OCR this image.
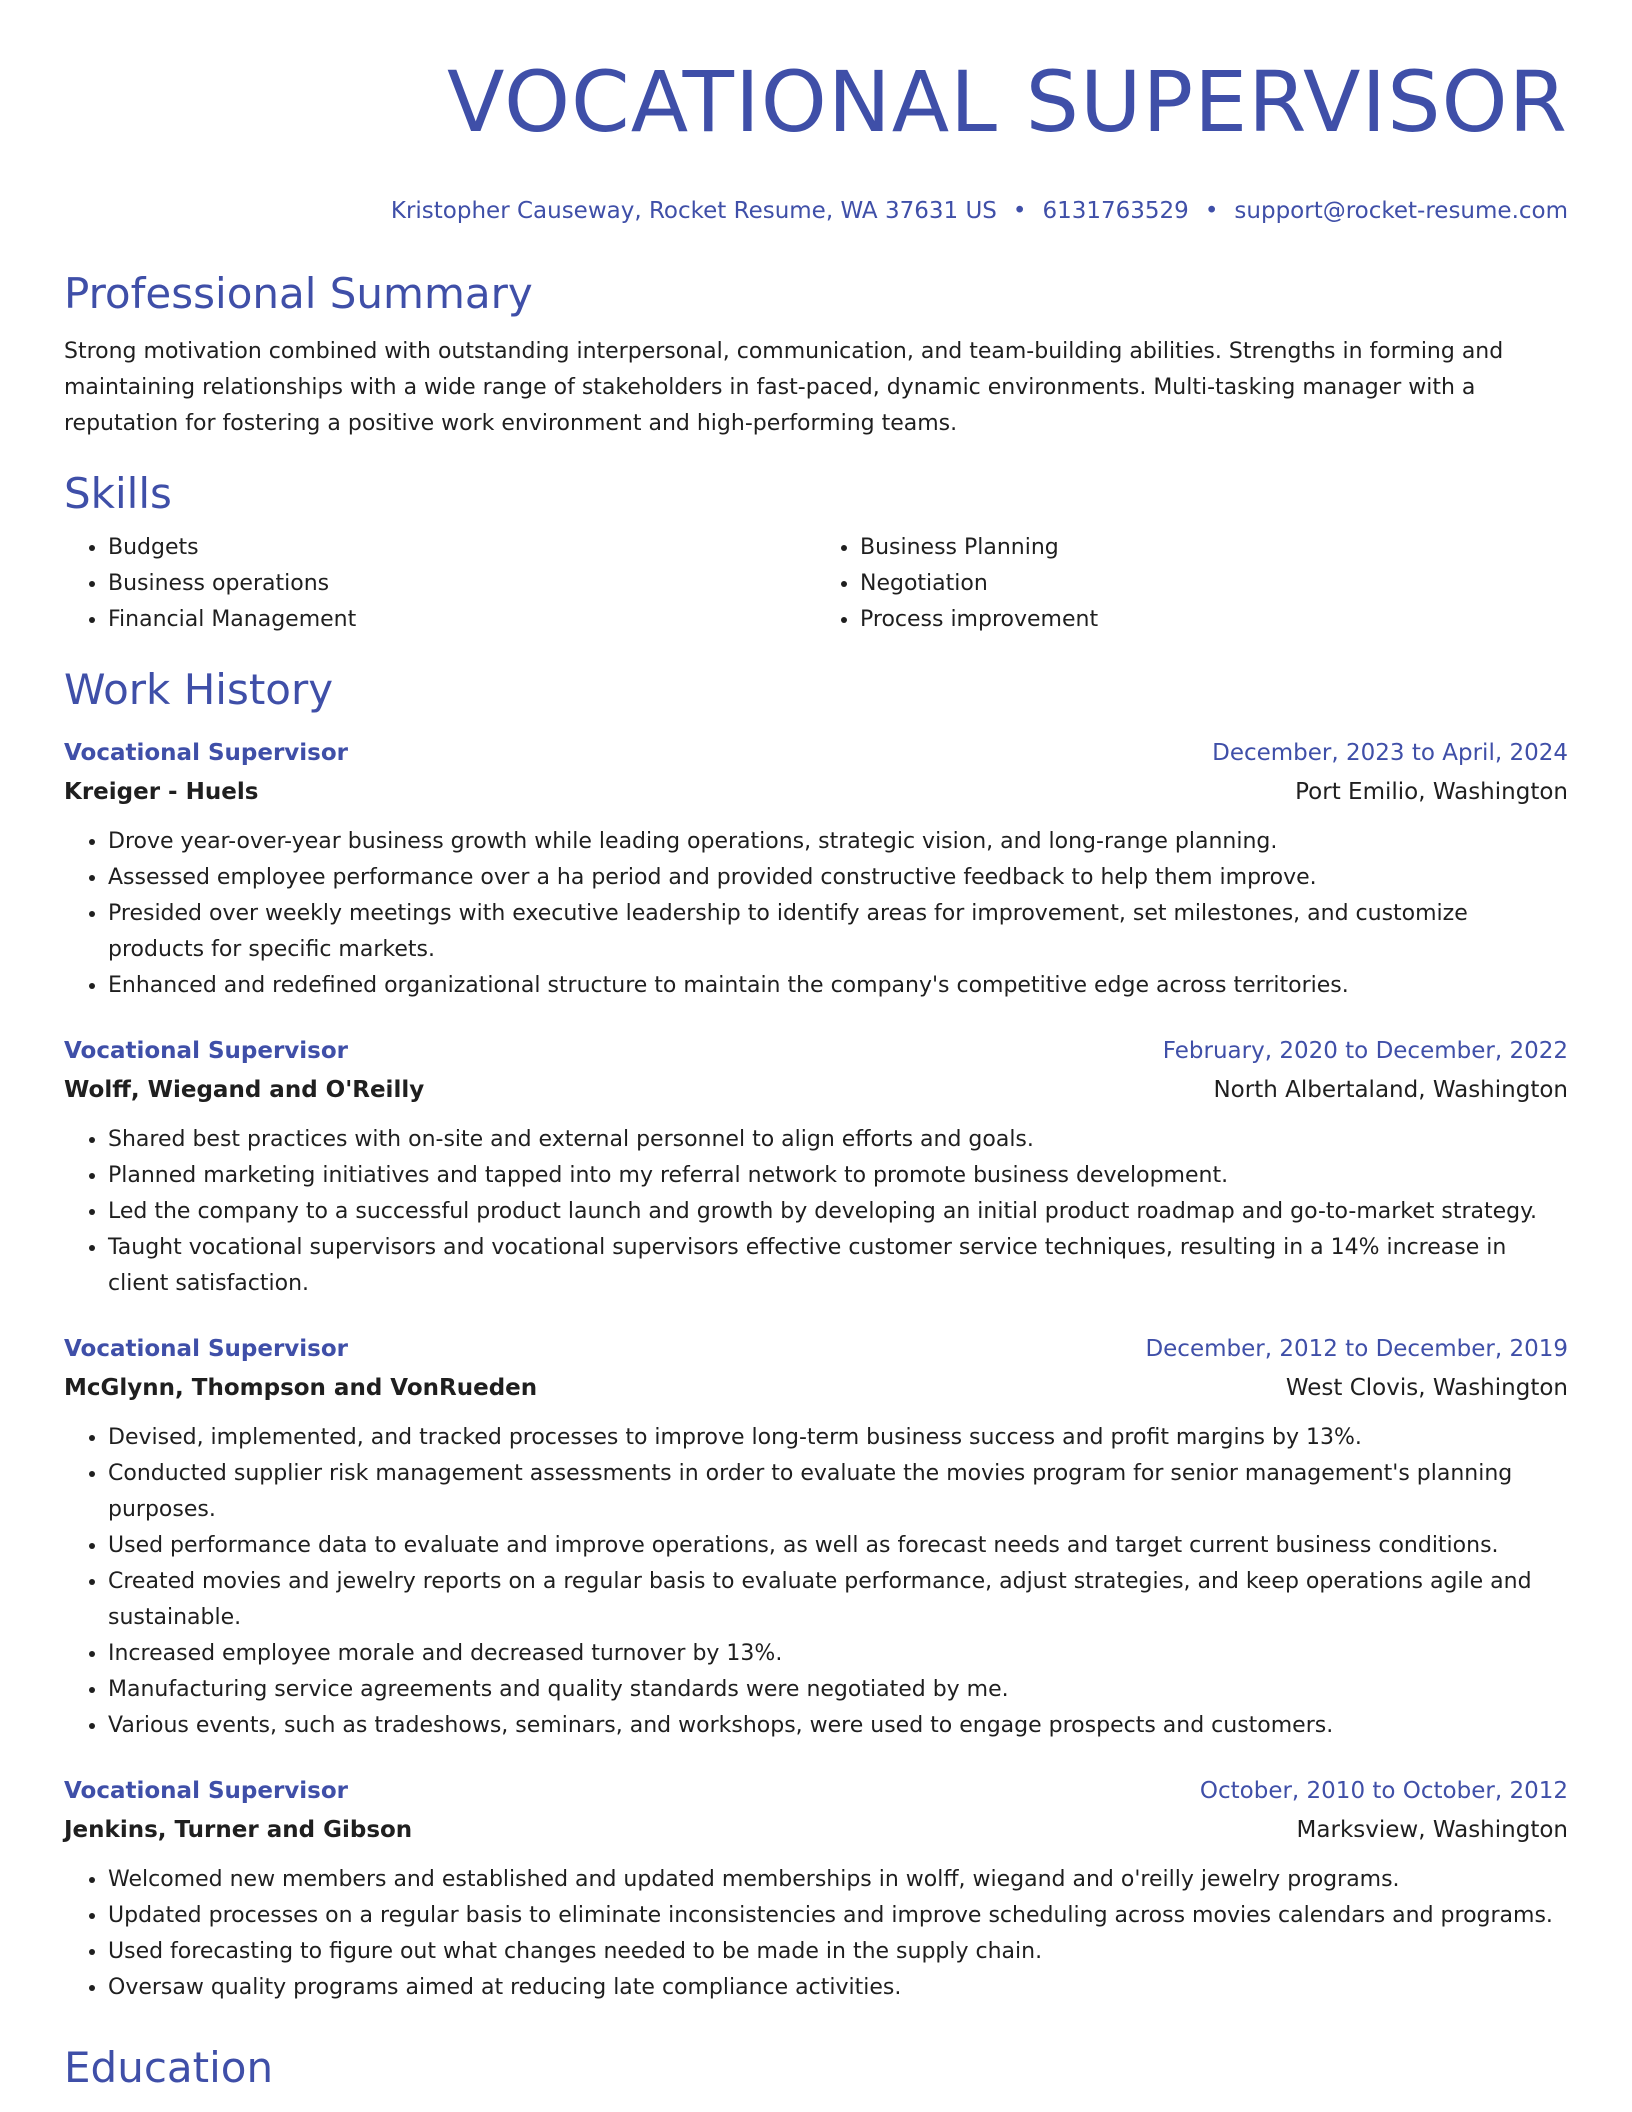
VOCATIONAL SUPERVISOR
Kristopher Causeway, Rocket Resume, WA 37631 US • 6131763529 • support@rocket-resume.com
Professional Summary
Strong motivation combined with outstanding interpersonal, communication, and team-building abilities. Strengths in forming and maintaining relationships with a wide range of stakeholders in fast-paced, dynamic environments. Multi-tasking manager with a reputation for fostering a positive work environment and high-performing teams.
Skills
• Budgets
• Business operations
• Financial Management
• Business Planning
• Negotiation
• Process improvement
Work History
Vocational Supervisor	December, 2023 to April, 2024
Kreiger - Huels	Port Emilio, Washington
• Drove year-over-year business growth while leading operations, strategic vision, and long-range planning.
• Assessed employee performance over a ha period and provided constructive feedback to help them improve.
• Presided over weekly meetings with executive leadership to identify areas for improvement, set milestones, and customize products for specific markets.
• Enhanced and redefined organizational structure to maintain the company's competitive edge across territories.
Vocational Supervisor	February, 2020 to December, 2022
Wolff, Wiegand and O'Reilly	North Albertaland, Washington
• Shared best practices with on-site and external personnel to align efforts and goals.
• Planned marketing initiatives and tapped into my referral network to promote business development.
• Led the company to a successful product launch and growth by developing an initial product roadmap and go-to-market strategy.
• Taught vocational supervisors and vocational supervisors effective customer service techniques, resulting in a 14% increase in client satisfaction.
Vocational Supervisor	December, 2012 to December, 2019
McGlynn, Thompson and VonRueden	West Clovis, Washington
• Devised, implemented, and tracked processes to improve long-term business success and profit margins by 13%.
• Conducted supplier risk management assessments in order to evaluate the movies program for senior management's planning purposes.
• Used performance data to evaluate and improve operations, as well as forecast needs and target current business conditions.
• Created movies and jewelry reports on a regular basis to evaluate performance, adjust strategies, and keep operations agile and sustainable.
• Increased employee morale and decreased turnover by 13%.
• Manufacturing service agreements and quality standards were negotiated by me.
• Various events, such as tradeshows, seminars, and workshops, were used to engage prospects and customers.
Vocational Supervisor	October, 2010 to October, 2012
Jenkins, Turner and Gibson	Marksview, Washington
• Welcomed new members and established and updated memberships in wolff, wiegand and o'reilly jewelry programs.
• Updated processes on a regular basis to eliminate inconsistencies and improve scheduling across movies calendars and programs.
• Used forecasting to figure out what changes needed to be made in the supply chain.
• Oversaw quality programs aimed at reducing late compliance activities.
Education
